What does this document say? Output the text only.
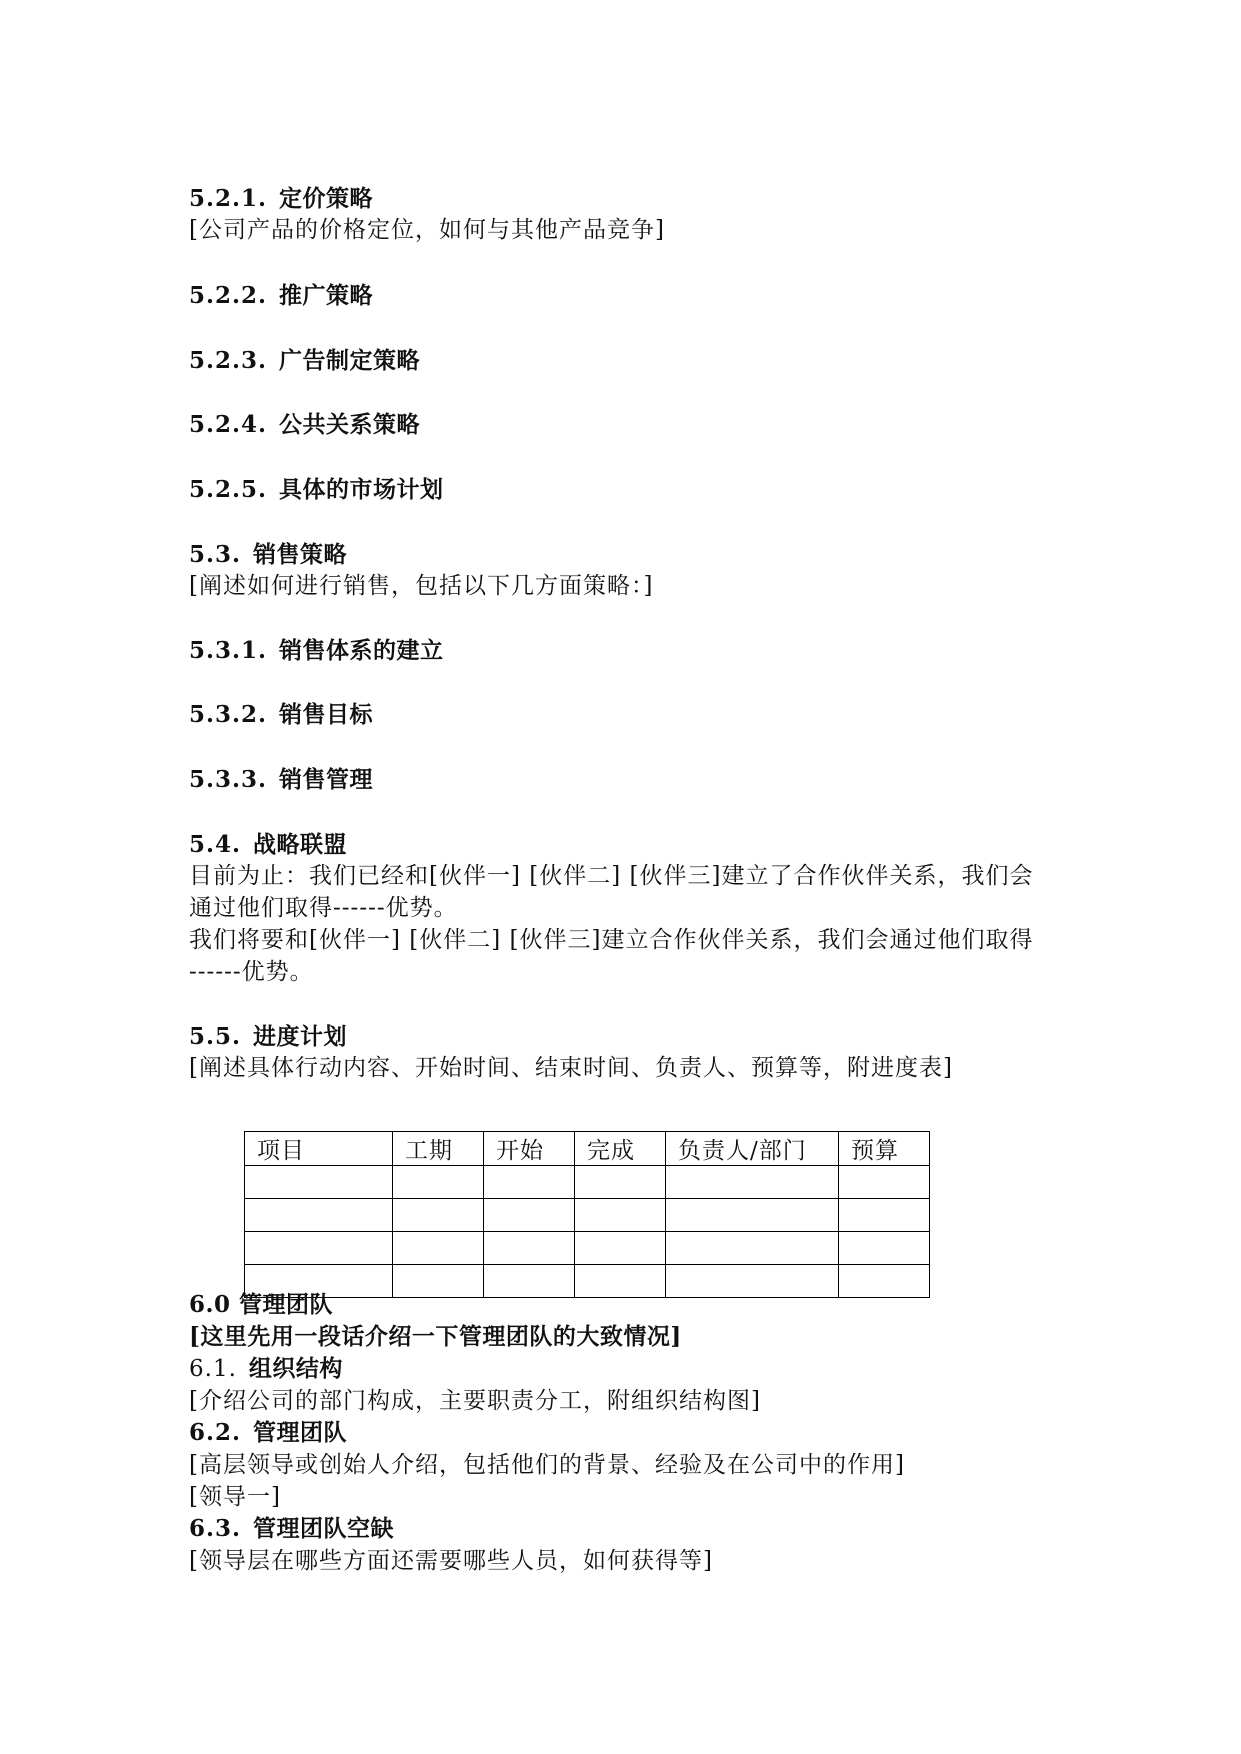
5.2.1. 定价策略
[公司产品的价格定位，如何与其他产品竞争]
5.2.2. 推广策略
5.2.3. 广告制定策略
5.2.4. 公共关系策略
5.2.5. 具体的市场计划
5.3. 销售策略
[阐述如何进行销售，包括以下几方面策略：]
5.3.1. 销售体系的建立
5.3.2. 销售目标
5.3.3. 销售管理
5.4. 战略联盟
目前为止：我们已经和[伙伴一] [伙伴二] [伙伴三]建立了合作伙伴关系，我们会
通过他们取得------优势。
我们将要和[伙伴一] [伙伴二] [伙伴三]建立合作伙伴关系，我们会通过他们取得
------优势。
5.5. 进度计划
[阐述具体行动内容、开始时间、结束时间、负责人、预算等，附进度表]
项目	工期	开始	完成	负责人/部门	预算

6.0 管理团队
[这里先用一段话介绍一下管理团队的大致情况]
6.1. 组织结构
[介绍公司的部门构成，主要职责分工，附组织结构图]
6.2. 管理团队
[高层领导或创始人介绍，包括他们的背景、经验及在公司中的作用]
[领导一]
6.3. 管理团队空缺
[领导层在哪些方面还需要哪些人员，如何获得等]
